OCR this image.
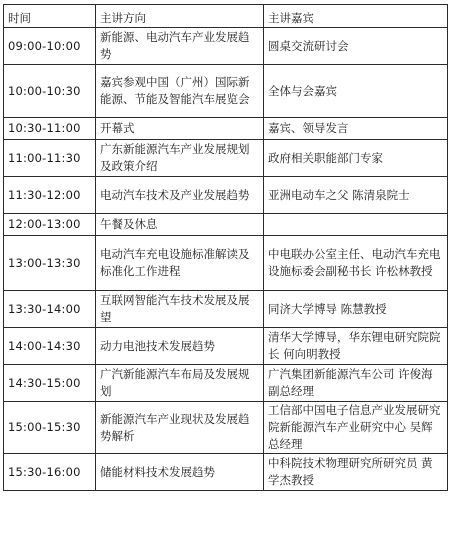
时间	主讲方向	主讲嘉宾
09:00-10:00	新能源、电动汽车产业发展趋势	圆桌交流研讨会
10:00-10:30	嘉宾参观中国（广州）国际新能源、节能及智能汽车展览会	全体与会嘉宾
10:30-11:00	开幕式	嘉宾、领导发言
11:00-11:30	广东新能源汽车产业发展规划及政策介绍	政府相关职能部门专家
11:30-12:00	电动汽车技术及产业发展趋势	亚洲电动车之父 陈清泉院士
12:00-13:00	午餐及休息	
13:00-13:30	电动汽车充电设施标准解读及标准化工作进程	中电联办公室主任、电动汽车充电设施标委会副秘书长 许松林教授
13:30-14:00	互联网智能汽车技术发展及展望	同济大学博导 陈慧教授
14:00-14:30	动力电池技术发展趋势	清华大学博导，华东锂电研究院院长 何向明教授
14:30-15:00	广汽新能源汽车布局及发展规划	广汽集团新能源汽车公司 许俊海副总经理
15:00-15:30	新能源汽车产业现状及发展趋势解析	工信部中国电子信息产业发展研究院新能源汽车产业研究中心 吴辉总经理
15:30-16:00	储能材料技术发展趋势	中科院技术物理研究所研究员 黄学杰教授
